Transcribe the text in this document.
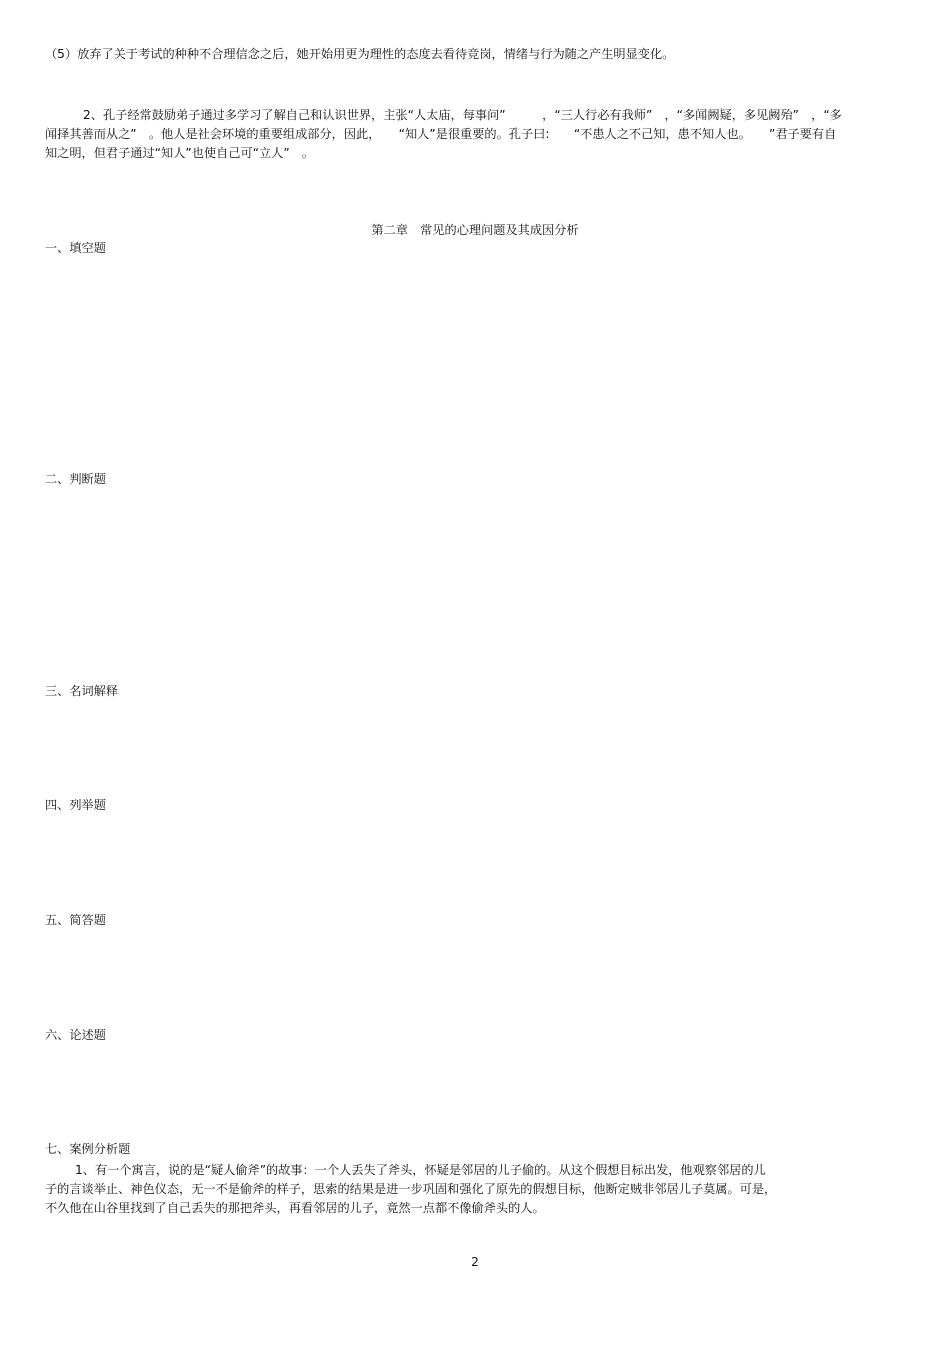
（5）放弃了关于考试的种种不合理信念之后，她开始用更为理性的态度去看待竞岗，情绪与行为随之产生明显变化。
2、孔子经常鼓励弟子通过多学习了解自己和认识世界，主张“人太庙，每事问”　　　，“三人行必有我师”　，“多闻阙疑，多见阙殆”　，“多
闻择其善而从之”　。他人是社会环境的重要组成部分，因此，　　“知人”是很重要的。孔子曰:　　“不患人之不己知，患不知人也。　　”君子要有自
知之明，但君子通过“知人”也使自己可“立人”　。
第二章　常见的心理问题及其成因分析
一、填空题
二、判断题
三、名词解释
四、列举题
五、简答题
六、论述题
七、案例分析题
1、有一个寓言，说的是“疑人偷斧”的故事：一个人丢失了斧头，怀疑是邻居的儿子偷的。从这个假想目标出发，他观察邻居的儿
子的言谈举止、神色仪态，无一不是偷斧的样子，思索的结果是进一步巩固和强化了原先的假想目标，他断定贼非邻居儿子莫属。可是，
不久他在山谷里找到了自己丢失的那把斧头，再看邻居的儿子，竟然一点都不像偷斧头的人。
2
